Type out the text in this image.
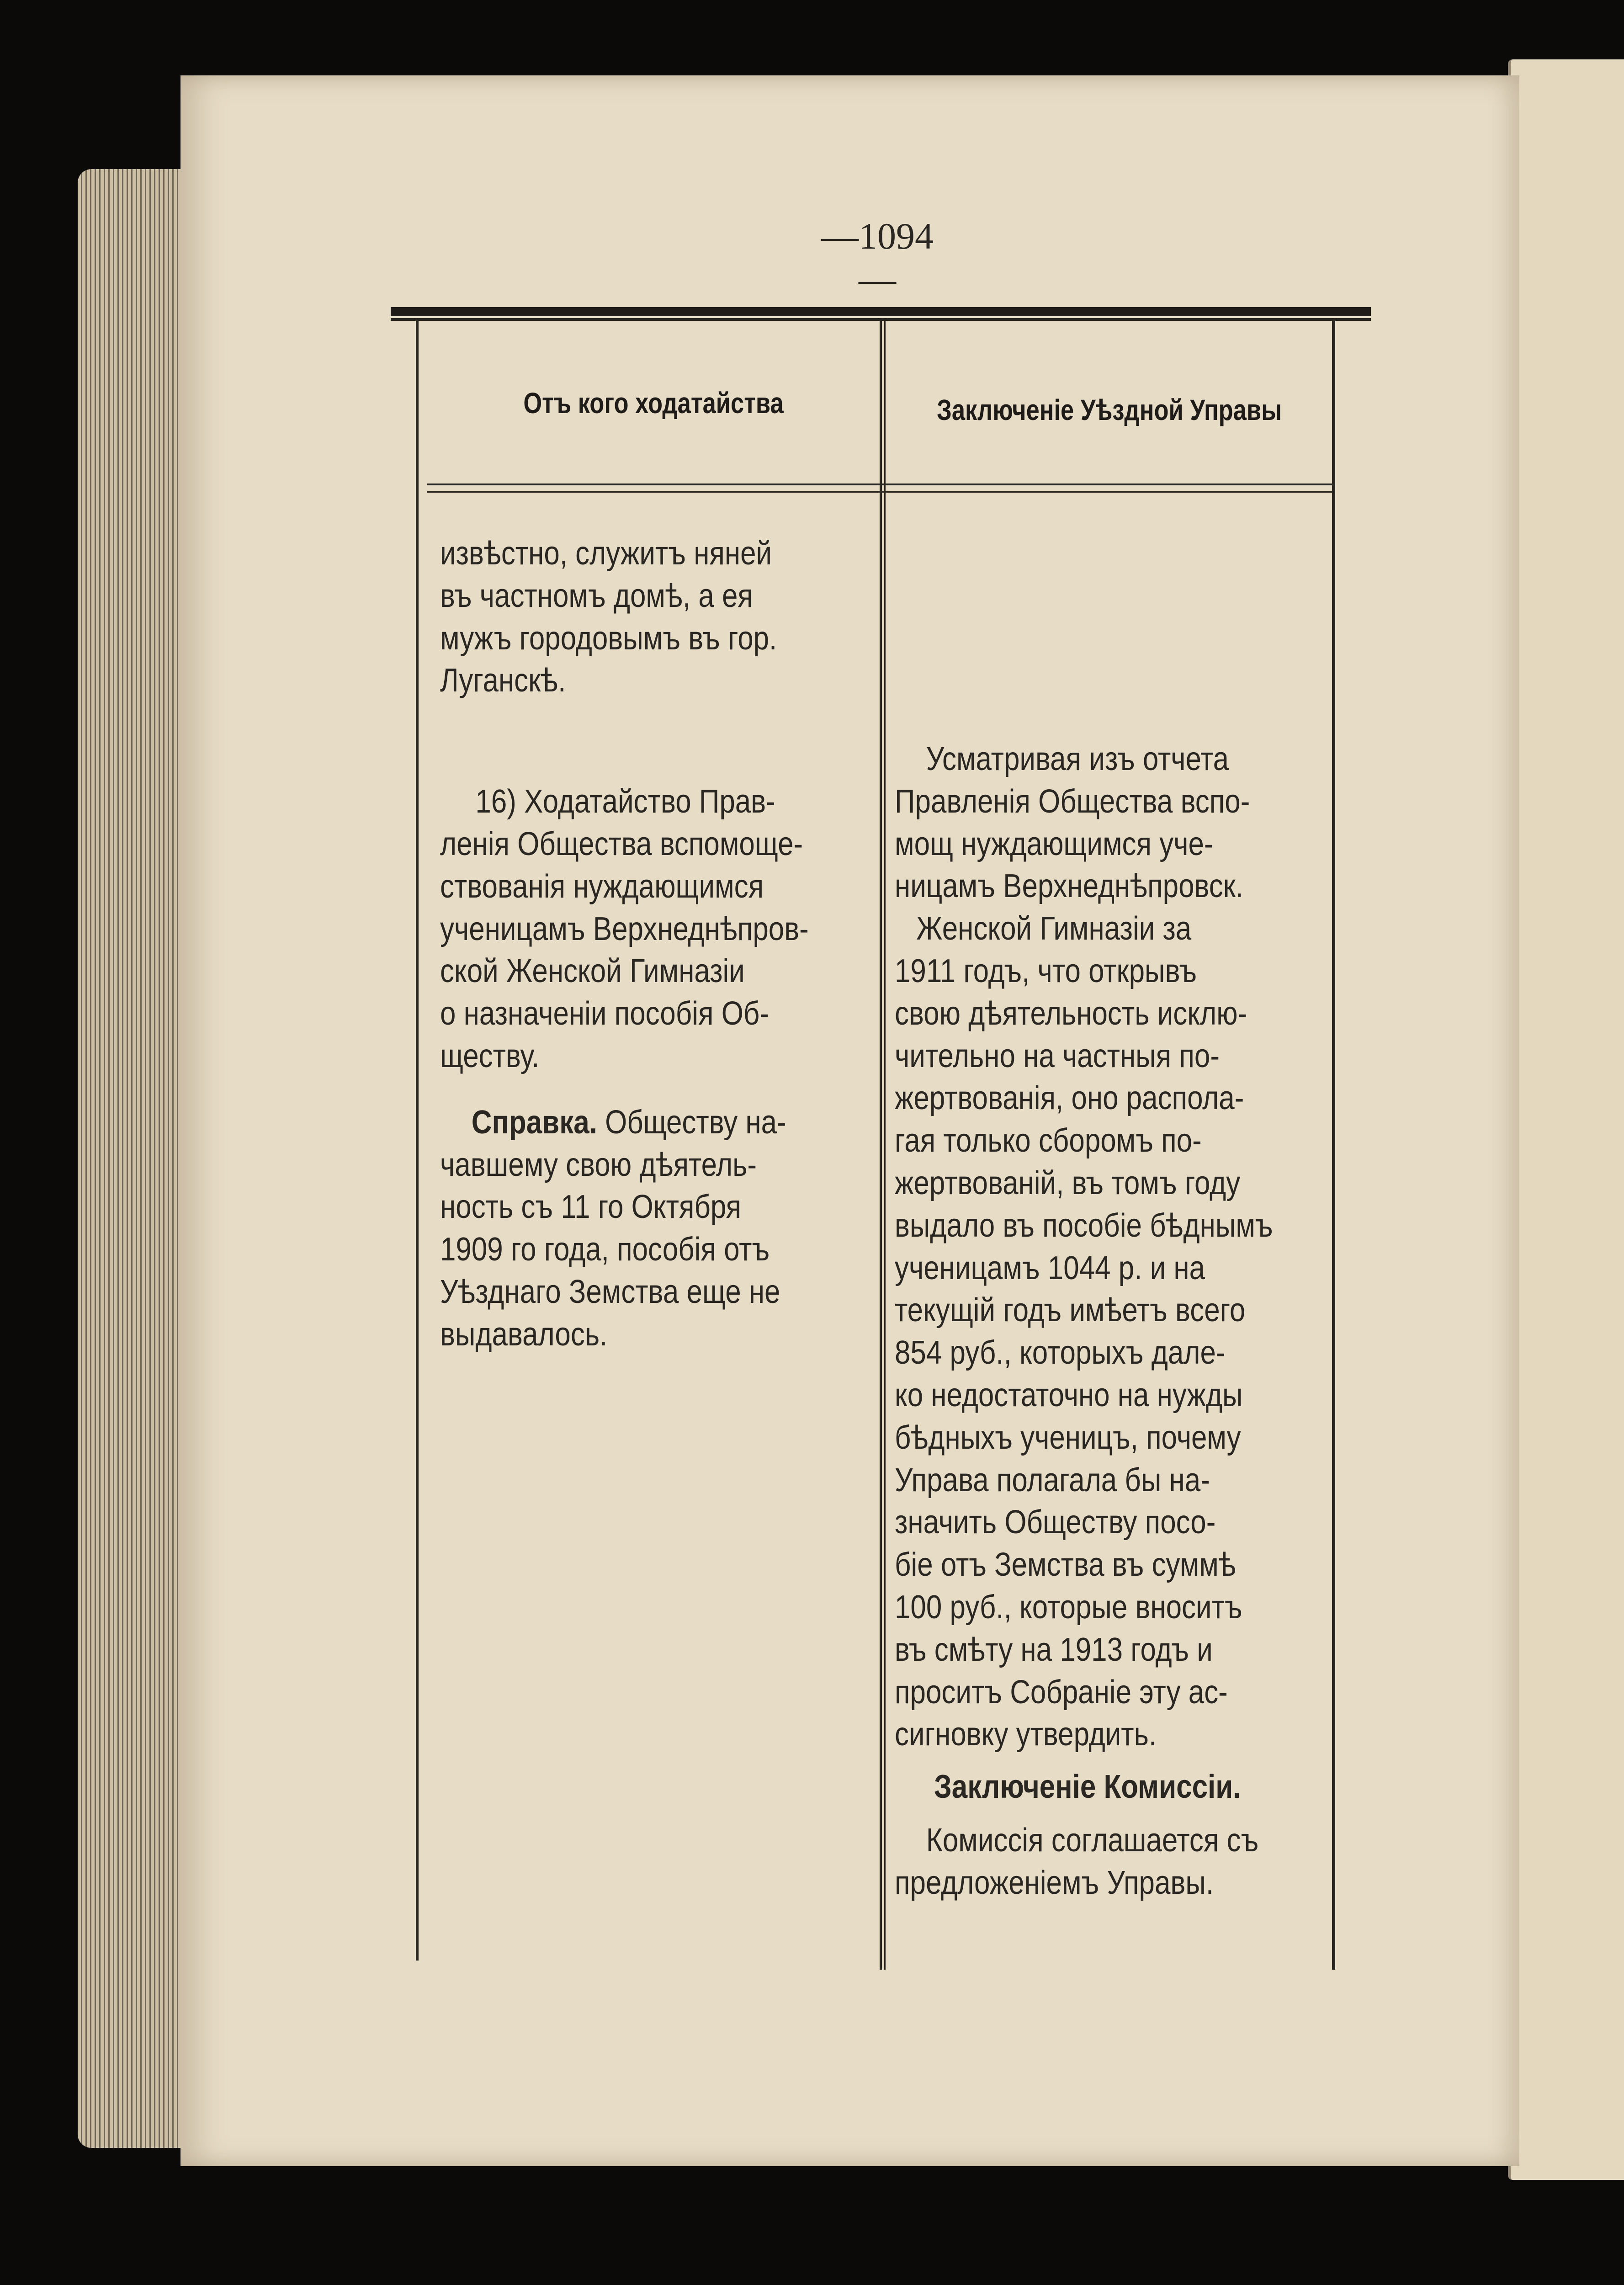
—1094—
Отъ кого ходатайства	Заключеніе Уѣздной Управы
извѣстно, служитъ няней
въ частномъ домѣ, а ея
мужъ городовымъ въ гор.
Луганскѣ.
16) Ходатайство Прав-
ленія Общества вспомоще-
ствованія нуждающимся
ученицамъ Верхнеднѣпров-
ской Женской Гимназіи
о назначеніи пособія Об-
ществу.
Справка. Обществу на-
чавшему свою дѣятель-
ность съ 11 го Октября
1909 го года, пособія отъ
Уѣзднаго Земства еще не
выдавалось.
Усматривая изъ отчета
Правленія Общества вспо-
мощ нуждающимся уче-
ницамъ Верхнеднѣпровск.
Женской Гимназіи за
1911 годъ, что открывъ
свою дѣятельность исклю-
чительно на частныя по-
жертвованія, оно распола-
гая только сборомъ по-
жертвованій, въ томъ году
выдало въ пособіе бѣднымъ
ученицамъ 1044 р. и на
текущій годъ имѣетъ всего
854 руб., которыхъ дале-
ко недостаточно на нужды
бѣдныхъ ученицъ, почему
Управа полагала бы на-
значить Обществу посо-
біе отъ Земства въ суммѣ
100 руб., которые вноситъ
въ смѣту на 1913 годъ и
проситъ Собраніе эту ас-
сигновку утвердить.
Заключеніе Комиссіи.
Комиссія соглашается съ
предложеніемъ Управы.
